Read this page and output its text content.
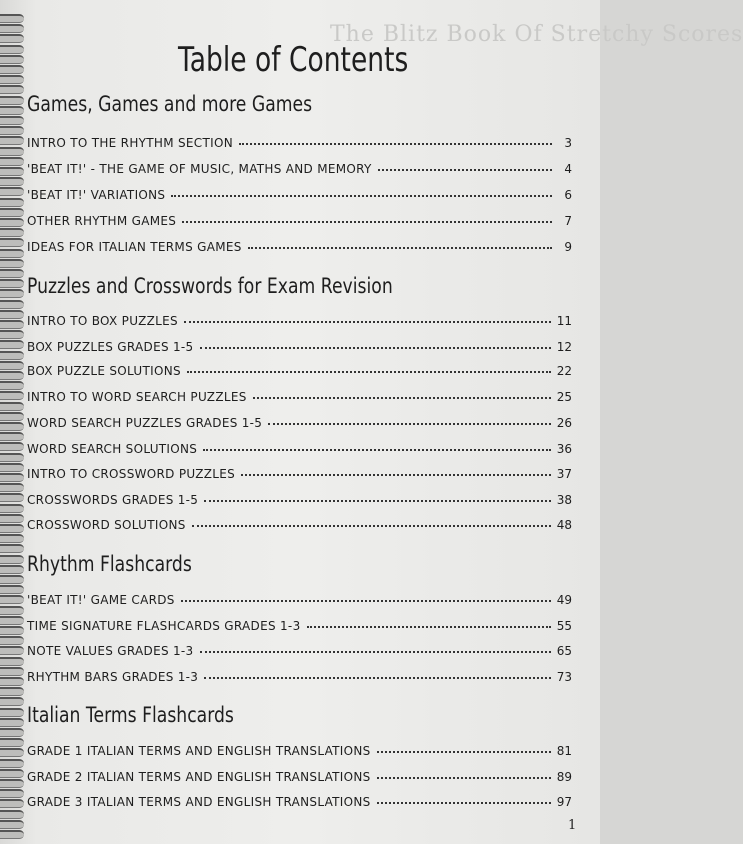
The Blitz Book Of Stretchy Scores
Table of Contents
Games, Games and more Games
INTRO TO THE RHYTHM SECTION	3
'BEAT IT!' - THE GAME OF MUSIC, MATHS AND MEMORY	4
'BEAT IT!' VARIATIONS	6
OTHER RHYTHM GAMES	7
IDEAS FOR ITALIAN TERMS GAMES	9
Puzzles and Crosswords for Exam Revision
INTRO TO BOX PUZZLES	11
BOX PUZZLES GRADES 1-5	12
BOX PUZZLE SOLUTIONS	22
INTRO TO WORD SEARCH PUZZLES	25
WORD SEARCH PUZZLES GRADES 1-5	26
WORD SEARCH SOLUTIONS	36
INTRO TO CROSSWORD PUZZLES	37
CROSSWORDS GRADES 1-5	38
CROSSWORD SOLUTIONS	48
Rhythm Flashcards
'BEAT IT!' GAME CARDS	49
TIME SIGNATURE FLASHCARDS GRADES 1-3	55
NOTE VALUES GRADES 1-3	65
RHYTHM BARS GRADES 1-3	73
Italian Terms Flashcards
GRADE 1 ITALIAN TERMS AND ENGLISH TRANSLATIONS	81
GRADE 2 ITALIAN TERMS AND ENGLISH TRANSLATIONS	89
GRADE 3 ITALIAN TERMS AND ENGLISH TRANSLATIONS	97
1
